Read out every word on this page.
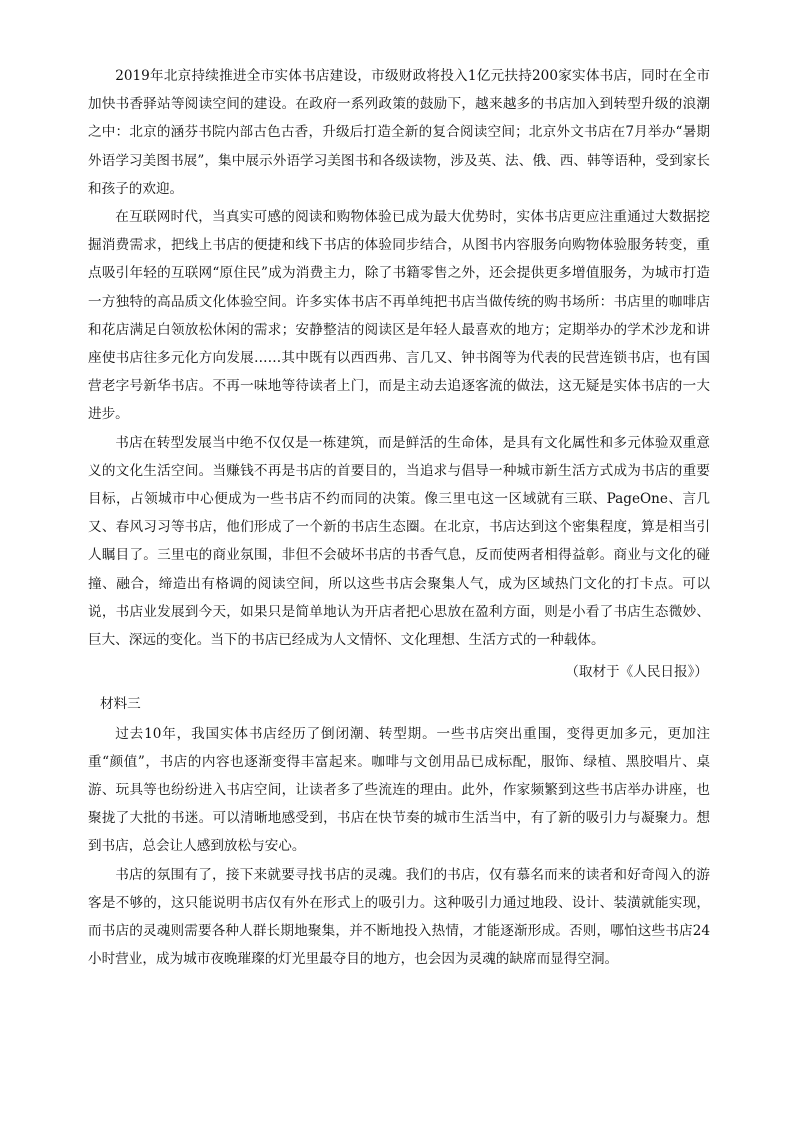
2019年北京持续推进全市实体书店建设，市级财政将投入1亿元扶持200家实体书店，同时在全市加快书香驿站等阅读空间的建设。在政府一系列政策的鼓励下，越来越多的书店加入到转型升级的浪潮之中：北京的涵芬书院内部古色古香，升级后打造全新的复合阅读空间；北京外文书店在7月举办“暑期外语学习美图书展”，集中展示外语学习美图书和各级读物，涉及英、法、俄、西、韩等语种，受到家长和孩子的欢迎。

在互联网时代，当真实可感的阅读和购物体验已成为最大优势时，实体书店更应注重通过大数据挖掘消费需求，把线上书店的便捷和线下书店的体验同步结合，从图书内容服务向购物体验服务转变，重点吸引年轻的互联网“原住民”成为消费主力，除了书籍零售之外，还会提供更多增值服务，为城市打造一方独特的高品质文化体验空间。许多实体书店不再单纯把书店当做传统的购书场所：书店里的咖啡店和花店满足白领放松休闲的需求；安静整洁的阅读区是年轻人最喜欢的地方；定期举办的学术沙龙和讲座使书店往多元化方向发展……其中既有以西西弗、言几又、钟书阁等为代表的民营连锁书店，也有国营老字号新华书店。不再一味地等待读者上门，而是主动去追逐客流的做法，这无疑是实体书店的一大进步。

书店在转型发展当中绝不仅仅是一栋建筑，而是鲜活的生命体，是具有文化属性和多元体验双重意义的文化生活空间。当赚钱不再是书店的首要目的，当追求与倡导一种城市新生活方式成为书店的重要目标，占领城市中心便成为一些书店不约而同的决策。像三里屯这一区域就有三联、PageOne、言几又、春风习习等书店，他们形成了一个新的书店生态圈。在北京，书店达到这个密集程度，算是相当引人瞩目了。三里屯的商业氛围，非但不会破坏书店的书香气息，反而使两者相得益彰。商业与文化的碰撞、融合，缔造出有格调的阅读空间，所以这些书店会聚集人气，成为区域热门文化的打卡点。可以说，书店业发展到今天，如果只是简单地认为开店者把心思放在盈利方面，则是小看了书店生态微妙、巨大、深远的变化。当下的书店已经成为人文情怀、文化理想、生活方式的一种载体。

（取材于《人民日报》）

材料三

过去10年，我国实体书店经历了倒闭潮、转型期。一些书店突出重围，变得更加多元，更加注重“颜值”，书店的内容也逐渐变得丰富起来。咖啡与文创用品已成标配，服饰、绿植、黑胶唱片、桌游、玩具等也纷纷进入书店空间，让读者多了些流连的理由。此外，作家频繁到这些书店举办讲座，也聚拢了大批的书迷。可以清晰地感受到，书店在快节奏的城市生活当中，有了新的吸引力与凝聚力。想到书店，总会让人感到放松与安心。

书店的氛围有了，接下来就要寻找书店的灵魂。我们的书店，仅有慕名而来的读者和好奇闯入的游客是不够的，这只能说明书店仅有外在形式上的吸引力。这种吸引力通过地段、设计、装潢就能实现，而书店的灵魂则需要各种人群长期地聚集，并不断地投入热情，才能逐渐形成。否则，哪怕这些书店24小时营业，成为城市夜晚璀璨的灯光里最夺目的地方，也会因为灵魂的缺席而显得空洞。
